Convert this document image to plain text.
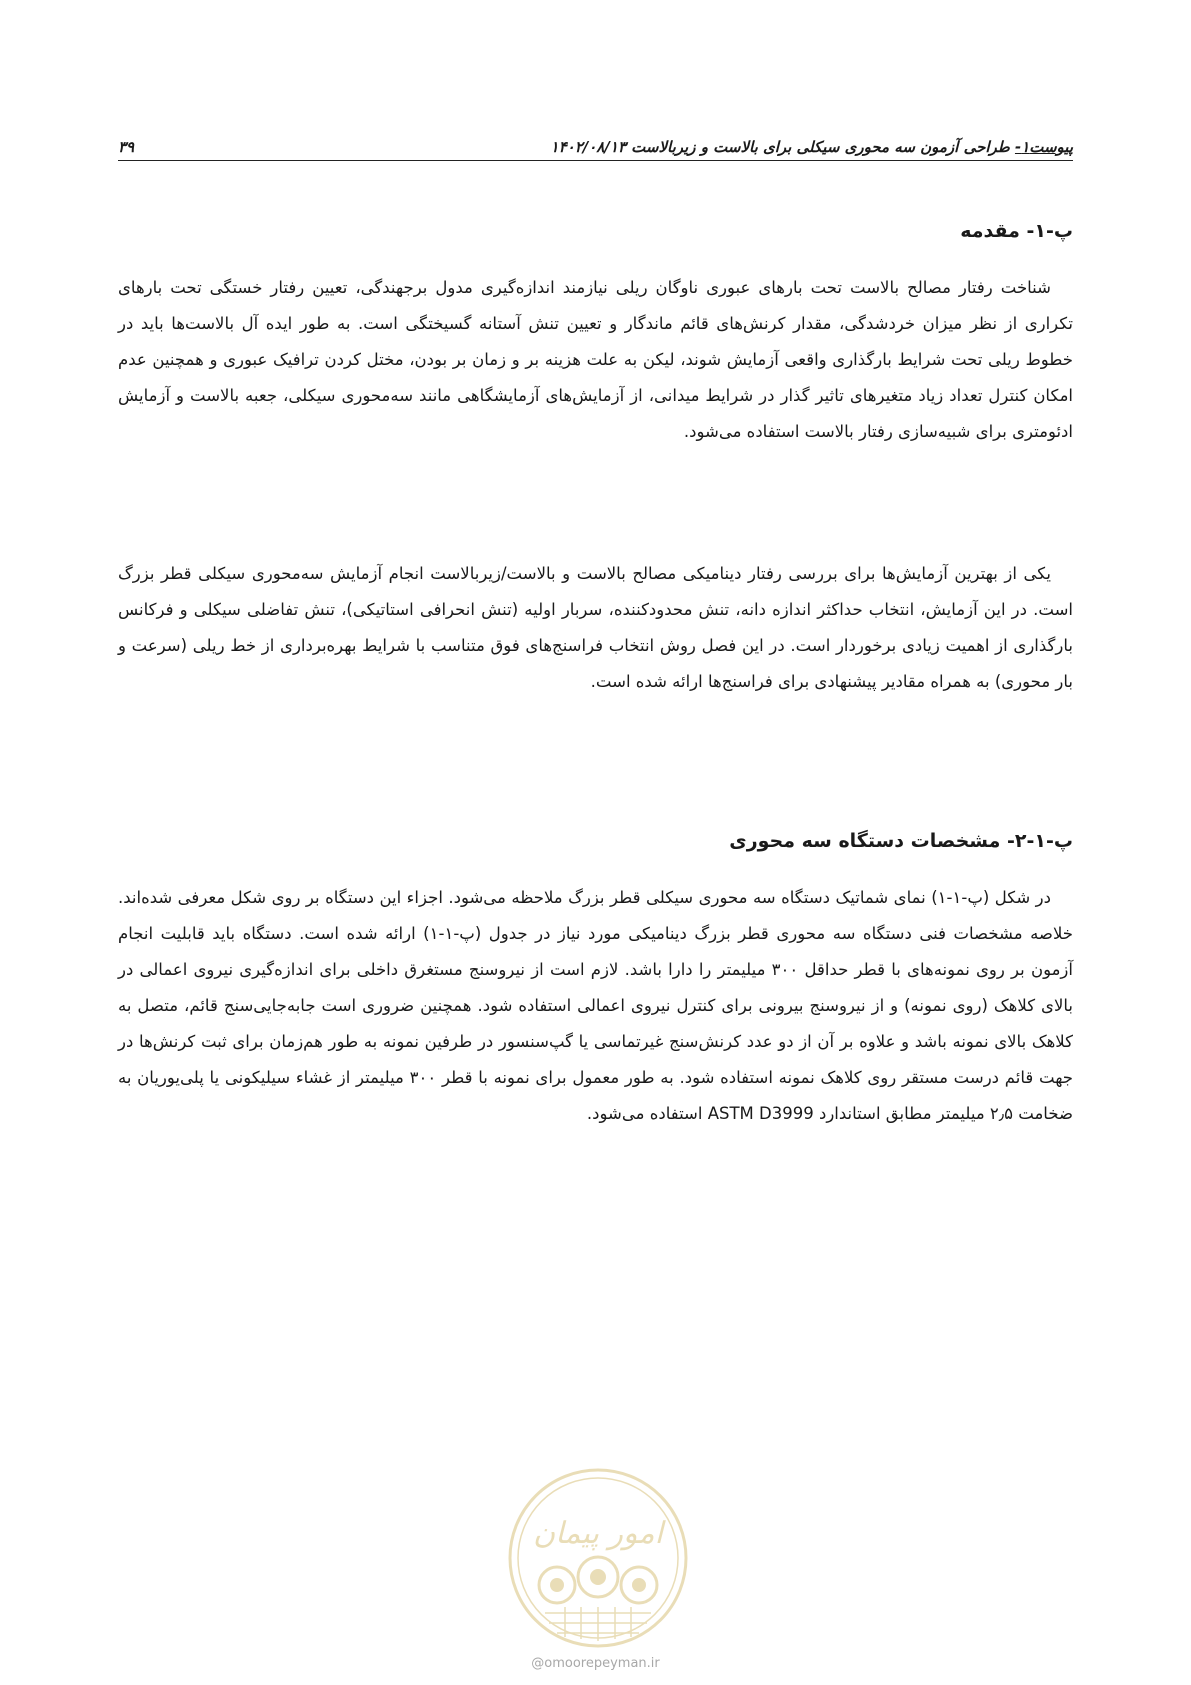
پیوست۱- طراحی آزمون سه محوری سیکلی برای بالاست و زیربالاست ۱۴۰۲/۰۸/۱۳
۳۹
پ-۱- مقدمه

شناخت رفتار مصالح بالاست تحت بارهای عبوری ناوگان ریلی نیازمند اندازه‌گیری مدول برجهندگی، تعیین رفتار خستگی تحت بارهای تکراری از نظر میزان خردشدگی، مقدار کرنش‌های قائم ماندگار و تعیین تنش آستانه گسیختگی است. به طور ایده آل بالاست‌ها باید در خطوط ریلی تحت شرایط بارگذاری واقعی آزمایش شوند، لیکن به علت هزینه بر و زمان بر بودن، مختل کردن ترافیک عبوری و همچنین عدم امکان کنترل تعداد زیاد متغیرهای تاثیر گذار در شرایط میدانی، از آزمایش‌های آزمایشگاهی مانند سه‌محوری سیکلی، جعبه بالاست و آزمایش ادئومتری برای شبیه‌سازی رفتار بالاست استفاده می‌شود.

یکی از بهترین آزمایش‌ها برای بررسی رفتار دینامیکی مصالح بالاست و بالاست/زیربالاست انجام آزمایش سه‌محوری سیکلی قطر بزرگ است. در این آزمایش، انتخاب حداکثر اندازه دانه، تنش محدودکننده، سربار اولیه (تنش انحرافی استاتیکی)، تنش تفاضلی سیکلی و فرکانس بارگذاری از اهمیت زیادی برخوردار است. در این فصل روش انتخاب فراسنج‌های فوق متناسب با شرایط بهره‌برداری از خط ریلی (سرعت و بار محوری) به همراه مقادیر پیشنهادی برای فراسنج‌ها ارائه شده است.

پ-۱-۲- مشخصات دستگاه سه محوری

در شکل (پ-۱-۱) نمای شماتیک دستگاه سه محوری سیکلی قطر بزرگ ملاحظه می‌شود. اجزاء این دستگاه بر روی شکل معرفی شده‌اند. خلاصه مشخصات فنی دستگاه سه محوری قطر بزرگ دینامیکی مورد نیاز در جدول (پ-۱-۱) ارائه شده است. دستگاه باید قابلیت انجام آزمون بر روی نمونه‌های با قطر حداقل ۳۰۰ میلیمتر را دارا باشد. لازم است از نیروسنج مستغرق داخلی برای اندازه‌گیری نیروی اعمالی در بالای کلاهک (روی نمونه) و از نیروسنج بیرونی برای کنترل نیروی اعمالی استفاده شود. همچنین ضروری است جابه‌جایی‌سنج قائم، متصل به کلاهک بالای نمونه باشد و علاوه بر آن از دو عدد کرنش‌سنج غیرتماسی یا گپ‌سنسور در طرفین نمونه به طور هم‌زمان برای ثبت کرنش‌ها در جهت قائم درست مستقر روی کلاهک نمونه استفاده شود. به طور معمول برای نمونه با قطر ۳۰۰ میلیمتر از غشاء سیلیکونی یا پلی‌یوریان به ضخامت ۲٫۵ میلیمتر مطابق استاندارد ASTM D3999 استفاده می‌شود.

امور پیمان
@omoorepeyman.ir
